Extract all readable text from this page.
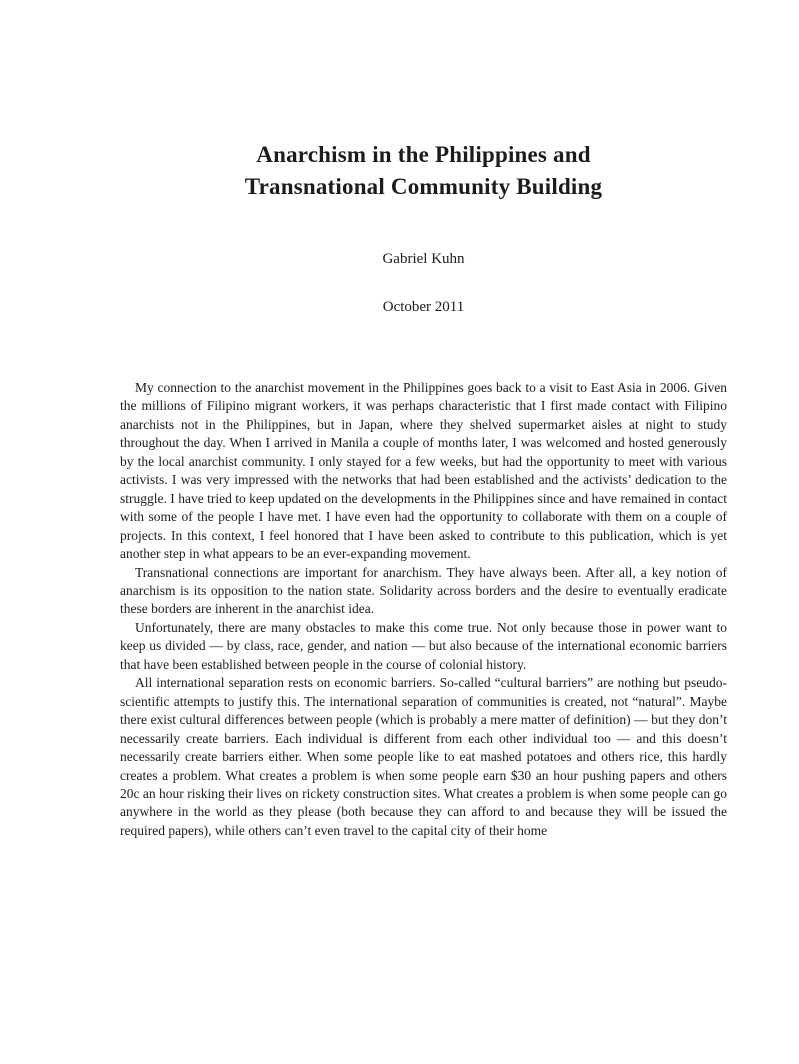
Anarchism in the Philippines and
Transnational Community Building
Gabriel Kuhn
October 2011

My connection to the anarchist movement in the Philippines goes back to a visit to East Asia in 2006. Given the millions of Filipino migrant workers, it was perhaps characteristic that I first made contact with Filipino anarchists not in the Philippines, but in Japan, where they shelved supermarket aisles at night to study throughout the day. When I arrived in Manila a couple of months later, I was welcomed and hosted generously by the local anarchist community. I only stayed for a few weeks, but had the opportunity to meet with various activists. I was very impressed with the networks that had been established and the activists’ dedication to the struggle. I have tried to keep updated on the developments in the Philippines since and have remained in contact with some of the people I have met. I have even had the opportunity to collaborate with them on a couple of projects. In this context, I feel honored that I have been asked to contribute to this publication, which is yet another step in what appears to be an ever-expanding movement.

Transnational connections are important for anarchism. They have always been. After all, a key notion of anarchism is its opposition to the nation state. Solidarity across borders and the desire to eventually eradicate these borders are inherent in the anarchist idea.

Unfortunately, there are many obstacles to make this come true. Not only because those in power want to keep us divided — by class, race, gender, and nation — but also because of the international economic barriers that have been established between people in the course of colonial history.

All international separation rests on economic barriers. So-called “cultural barriers” are nothing but pseudo-scientific attempts to justify this. The international separation of communities is created, not “natural”. Maybe there exist cultural differences between people (which is probably a mere matter of definition) — but they don’t necessarily create barriers. Each individual is different from each other individual too — and this doesn’t necessarily create barriers either. When some people like to eat mashed potatoes and others rice, this hardly creates a problem. What creates a problem is when some people earn $30 an hour pushing papers and others 20c an hour risking their lives on rickety construction sites. What creates a problem is when some people can go anywhere in the world as they please (both because they can afford to and because they will be issued the required papers), while others can’t even travel to the capital city of their home
